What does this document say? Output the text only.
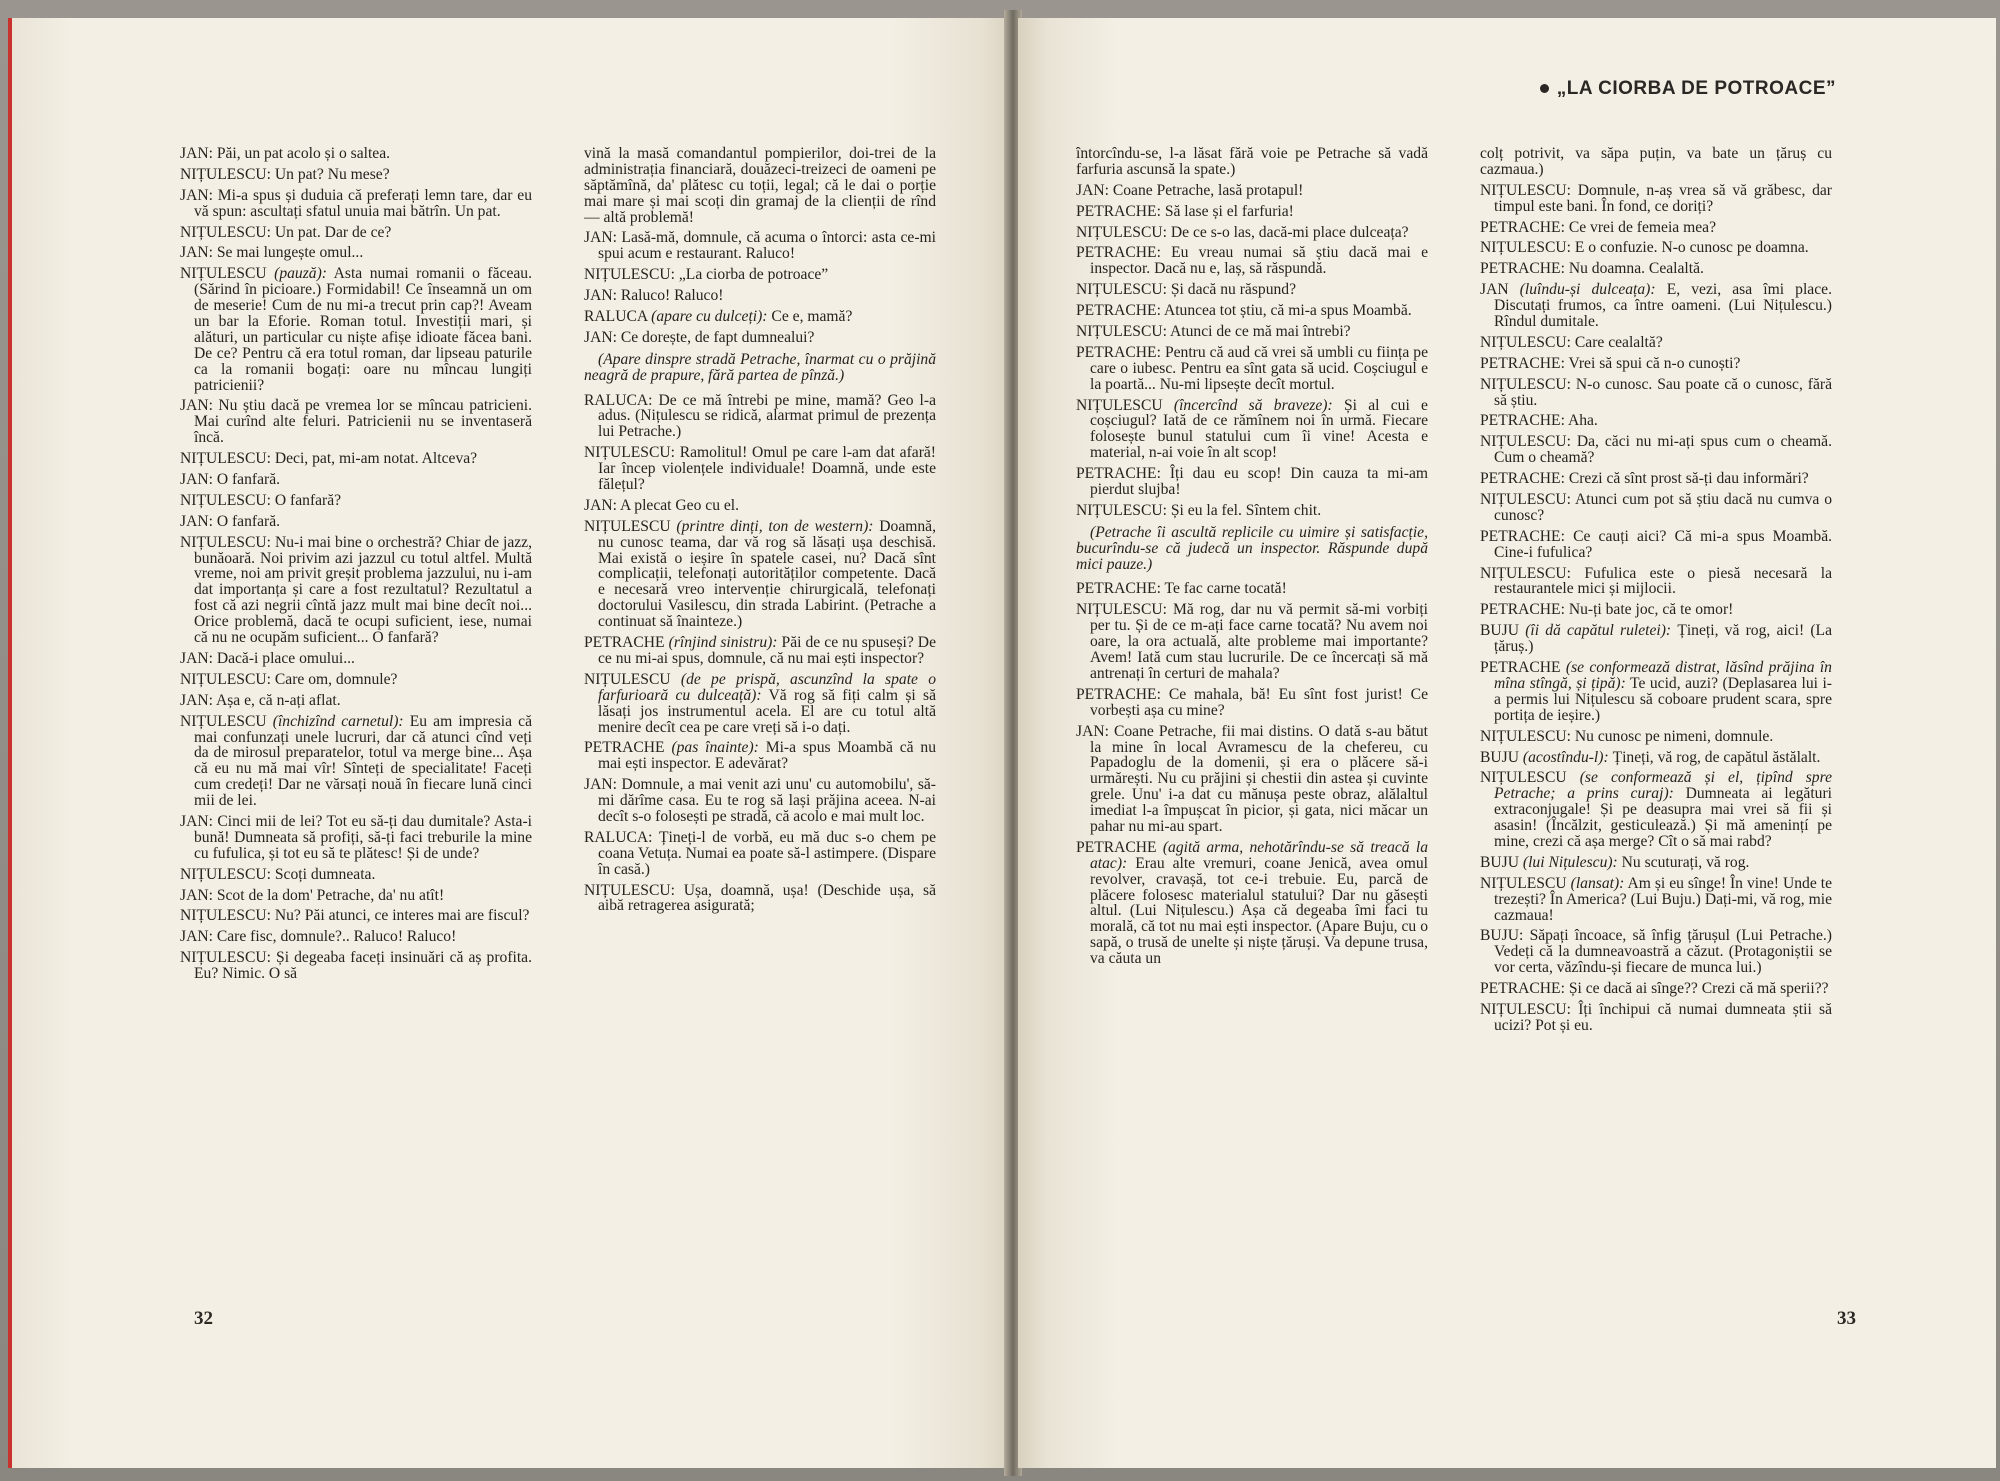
JAN: Păi, un pat acolo și o saltea.

NIȚULESCU: Un pat? Nu mese?

JAN: Mi-a spus și duduia că preferați lemn tare, dar eu vă spun: ascultați sfatul unuia mai bătrîn. Un pat.

NIȚULESCU: Un pat. Dar de ce?

JAN: Se mai lungește omul...

NIȚULESCU (pauză): Asta numai romanii o făceau. (Sărind în picioare.) Formidabil! Ce înseamnă un om de meserie! Cum de nu mi-a trecut prin cap?! Aveam un bar la Eforie. Roman totul. Investiții mari, și alături, un particular cu niște afișe idioate făcea bani. De ce? Pentru că era totul roman, dar lipseau paturile ca la romanii bogați: oare nu mîncau lungiți patricienii?

JAN: Nu știu dacă pe vremea lor se mîncau patricieni. Mai curînd alte feluri. Patricienii nu se inventaseră încă.

NIȚULESCU: Deci, pat, mi-am notat. Altceva?

JAN: O fanfară.

NIȚULESCU: O fanfară?

JAN: O fanfară.

NIȚULESCU: Nu-i mai bine o orchestră? Chiar de jazz, bunăoară. Noi privim azi jazzul cu totul altfel. Multă vreme, noi am privit greșit problema jazzului, nu i-am dat importanța și care a fost rezultatul? Rezultatul a fost că azi negrii cîntă jazz mult mai bine decît noi... Orice problemă, dacă te ocupi suficient, iese, numai că nu ne ocupăm suficient... O fanfară?

JAN: Dacă-i place omului...

NIȚULESCU: Care om, domnule?

JAN: Așa e, că n-ați aflat.

NIȚULESCU (închizînd carnetul): Eu am impresia că mai confunzați unele lucruri, dar că atunci cînd veți da de mirosul preparatelor, totul va merge bine... Așa că eu nu mă mai vîr! Sînteți de specialitate! Faceți cum credeți! Dar ne vărsați nouă în fiecare lună cinci mii de lei.

JAN: Cinci mii de lei? Tot eu să-ți dau dumitale? Asta-i bună! Dumneata să profiți, să-ți faci treburile la mine cu fufulica, și tot eu să te plătesc! Și de unde?

NIȚULESCU: Scoți dumneata.

JAN: Scot de la dom' Petrache, da' nu atît!

NIȚULESCU: Nu? Păi atunci, ce interes mai are fiscul?

JAN: Care fisc, domnule?.. Raluco! Raluco!

NIȚULESCU: Și degeaba faceți insinuări că aș profita. Eu? Nimic. O să

vină la masă comandantul pompierilor, doi-trei de la administrația financiară, douăzeci-treizeci de oameni pe săptămînă, da' plătesc cu toții, legal; că le dai o porție mai mare și mai scoți din gramaj de la clienții de rînd — altă problemă!

JAN: Lasă-mă, domnule, că acuma o întorci: asta ce-mi spui acum e restaurant. Raluco!

NIȚULESCU: „La ciorba de potroace”

JAN: Raluco! Raluco!

RALUCA (apare cu dulceți): Ce e, mamă?

JAN: Ce dorește, de fapt dumnealui?

(Apare dinspre stradă Petrache, înarmat cu o prăjină neagră de prapure, fără partea de pînză.)

RALUCA: De ce mă întrebi pe mine, mamă? Geo l-a adus. (Nițulescu se ridică, alarmat primul de prezența lui Petrache.)

NIȚULESCU: Ramolitul! Omul pe care l-am dat afară! Iar încep violențele individuale! Doamnă, unde este fălețul?

JAN: A plecat Geo cu el.

NIȚULESCU (printre dinți, ton de western): Doamnă, nu cunosc teama, dar vă rog să lăsați ușa deschisă. Mai există o ieșire în spatele casei, nu? Dacă sînt complicații, telefonați autorităților competente. Dacă e necesară vreo intervenție chirurgicală, telefonați doctorului Vasilescu, din strada Labirint. (Petrache a continuat să înainteze.)

PETRACHE (rînjind sinistru): Păi de ce nu spuseși? De ce nu mi-ai spus, domnule, că nu mai ești inspector?

NIȚULESCU (de pe prispă, ascunzînd la spate o farfurioară cu dulceață): Vă rog să fiți calm și să lăsați jos instrumentul acela. El are cu totul altă menire decît cea pe care vreți să i-o dați.

PETRACHE (pas înainte): Mi-a spus Moambă că nu mai ești inspector. E adevărat?

JAN: Domnule, a mai venit azi unu' cu automobilu', să-mi dărîme casa. Eu te rog să lași prăjina aceea. N-ai decît s-o folosești pe stradă, că acolo e mai mult loc.

RALUCA: Țineți-l de vorbă, eu mă duc s-o chem pe coana Vetuța. Numai ea poate să-l astimpere. (Dispare în casă.)

NIȚULESCU: Ușa, doamnă, ușa! (Deschide ușa, să aibă retragerea asigurată;

32
„LA CIORBA DE POTROACE”

întorcîndu-se, l-a lăsat fără voie pe Petrache să vadă farfuria ascunsă la spate.)

JAN: Coane Petrache, lasă protapul!

PETRACHE: Să lase și el farfuria!

NIȚULESCU: De ce s-o las, dacă-mi place dulceața?

PETRACHE: Eu vreau numai să știu dacă mai e inspector. Dacă nu e, laș, să răspundă.

NIȚULESCU: Și dacă nu răspund?

PETRACHE: Atuncea tot știu, că mi-a spus Moambă.

NIȚULESCU: Atunci de ce mă mai întrebi?

PETRACHE: Pentru că aud că vrei să umbli cu ființa pe care o iubesc. Pentru ea sînt gata să ucid. Coșciugul e la poartă... Nu-mi lipsește decît mortul.

NIȚULESCU (încercînd să braveze): Și al cui e coșciugul? Iată de ce rămînem noi în urmă. Fiecare folosește bunul statului cum îi vine! Acesta e material, n-ai voie în alt scop!

PETRACHE: Îți dau eu scop! Din cauza ta mi-am pierdut slujba!

NIȚULESCU: Și eu la fel. Sîntem chit.

(Petrache îi ascultă replicile cu uimire și satisfacție, bucurîndu-se că judecă un inspector. Răspunde după mici pauze.)

PETRACHE: Te fac carne tocată!

NIȚULESCU: Mă rog, dar nu vă permit să-mi vorbiți per tu. Și de ce m-ați face carne tocată? Nu avem noi oare, la ora actuală, alte probleme mai importante? Avem! Iată cum stau lucrurile. De ce încercați să mă antrenați în certuri de mahala?

PETRACHE: Ce mahala, bă! Eu sînt fost jurist! Ce vorbești așa cu mine?

JAN: Coane Petrache, fii mai distins. O dată s-au bătut la mine în local Avramescu de la chefereu, cu Papadoglu de la domenii, și era o plăcere să-i urmărești. Nu cu prăjini și chestii din astea și cuvinte grele. Unu' i-a dat cu mănușa peste obraz, alălaltul imediat l-a împușcat în picior, și gata, nici măcar un pahar nu mi-au spart.

PETRACHE (agită arma, nehotărîndu-se să treacă la atac): Erau alte vremuri, coane Jenică, avea omul revolver, cravașă, tot ce-i trebuie. Eu, parcă de plăcere folosesc materialul statului? Dar nu găsești altul. (Lui Nițulescu.) Așa că degeaba îmi faci tu morală, că tot nu mai ești inspector. (Apare Buju, cu o sapă, o trusă de unelte și niște țăruși. Va depune trusa, va căuta un

colț potrivit, va săpa puțin, va bate un țăruș cu cazmaua.)

NIȚULESCU: Domnule, n-aș vrea să vă grăbesc, dar timpul este bani. În fond, ce doriți?

PETRACHE: Ce vrei de femeia mea?

NIȚULESCU: E o confuzie. N-o cunosc pe doamna.

PETRACHE: Nu doamna. Cealaltă.

JAN (luîndu-și dulceața): E, vezi, asa îmi place. Discutați frumos, ca între oameni. (Lui Nițulescu.) Rîndul dumitale.

NIȚULESCU: Care cealaltă?

PETRACHE: Vrei să spui că n-o cunoști?

NIȚULESCU: N-o cunosc. Sau poate că o cunosc, fără să știu.

PETRACHE: Aha.

NIȚULESCU: Da, căci nu mi-ați spus cum o cheamă. Cum o cheamă?

PETRACHE: Crezi că sînt prost să-ți dau informări?

NIȚULESCU: Atunci cum pot să știu dacă nu cumva o cunosc?

PETRACHE: Ce cauți aici? Că mi-a spus Moambă. Cine-i fufulica?

NIȚULESCU: Fufulica este o piesă necesară la restaurantele mici și mijlocii.

PETRACHE: Nu-ți bate joc, că te omor!

BUJU (îi dă capătul ruletei): Țineți, vă rog, aici! (La țăruș.)

PETRACHE (se conformează distrat, lăsînd prăjina în mîna stîngă, și țipă): Te ucid, auzi? (Deplasarea lui i-a permis lui Nițulescu să coboare prudent scara, spre portița de ieșire.)

NIȚULESCU: Nu cunosc pe nimeni, domnule.

BUJU (acostîndu-l): Țineți, vă rog, de capătul ăstălalt.

NIȚULESCU (se conformează și el, țipînd spre Petrache; a prins curaj): Dumneata ai legături extraconjugale! Și pe deasupra mai vrei să fii și asasin! (Încălzit, gesticulează.) Și mă amenințí pe mine, crezi că așa merge? Cît o să mai rabd?

BUJU (lui Nițulescu): Nu scuturați, vă rog.

NIȚULESCU (lansat): Am și eu sînge! În vine! Unde te trezești? În America? (Lui Buju.) Dați-mi, vă rog, mie cazmaua!

BUJU: Săpați încoace, să înfig țărușul (Lui Petrache.) Vedeți că la dumneavoastră a căzut. (Protagoniștii se vor certa, văzîndu-și fiecare de munca lui.)

PETRACHE: Și ce dacă ai sînge?? Crezi că mă sperii??

NIȚULESCU: Îți închipui că numai dumneata știi să ucizi? Pot și eu.

33
